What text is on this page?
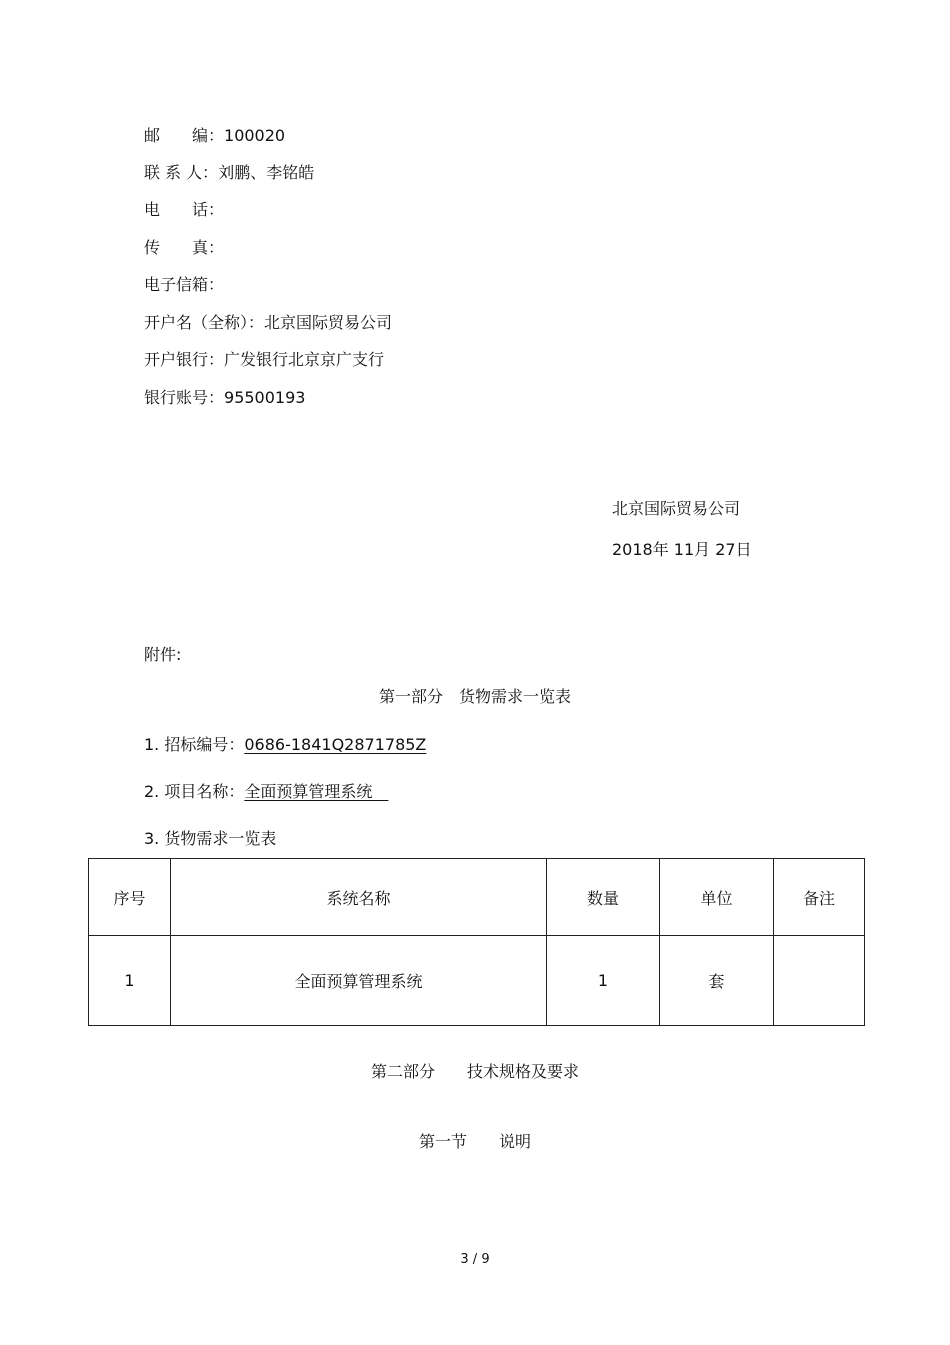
邮　　编：100020
联 系 人：刘鹏、李铭皓
电　　话：
传　　真：
电子信箱：
开户名（全称）：北京国际贸易公司
开户银行：广发银行北京京广支行
银行账号：95500193
北京国际贸易公司
2018年 11月 27日
附件:
第一部分　货物需求一览表
1. 招标编号：0686-1841Q2871785Z
2. 项目名称：全面预算管理系统　
3. 货物需求一览表
序号	系统名称	数量	单位	备注
1	全面预算管理系统	1	套	
第二部分　　技术规格及要求
第一节　　说明
3 / 9
